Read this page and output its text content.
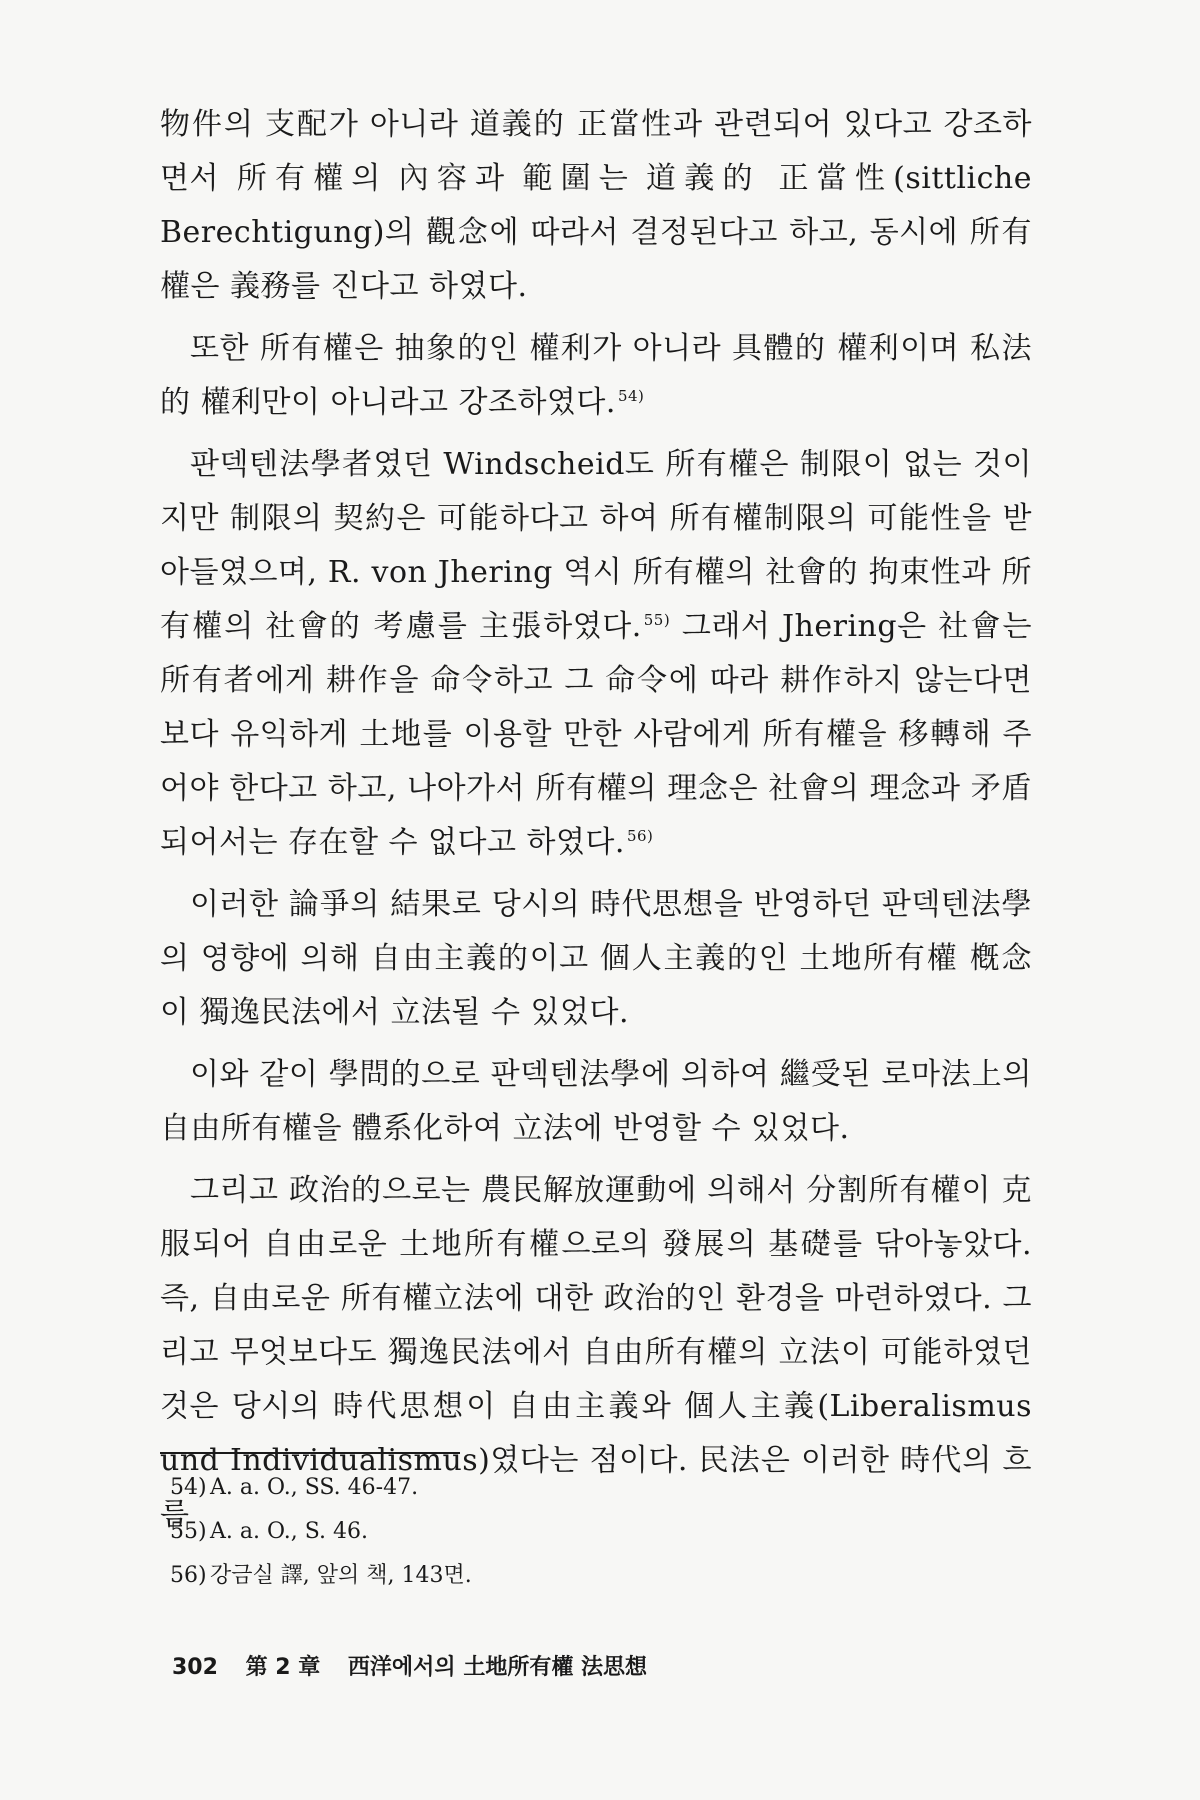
物件의 支配가 아니라 道義的 正當性과 관련되어 있다고 강조하면서 所有權의 內容과 範圍는 道義的 正當性(sittliche Berechtigung)의 觀念에 따라서 결정된다고 하고, 동시에 所有權은 義務를 진다고 하였다.

또한 所有權은 抽象的인 權利가 아니라 具體的 權利이며 私法的 權利만이 아니라고 강조하였다. $^{54)}$

판덱텐法學者였던 Windscheid도 所有權은 制限이 없는 것이지만 制限의 契約은 可能하다고 하여 所有權制限의 可能性을 받아들였으며, R. von Jhering 역시 所有權의 社會的 拘束性과 所有權의 社會的 考慮를 主張하였다. $^{55)}$ 그래서 Jhering은 社會는 所有者에게 耕作을 命令하고 그 命令에 따라 耕作하지 않는다면 보다 유익하게 土地를 이용할 만한 사람에게 所有權을 移轉해 주어야 한다고 하고, 나아가서 所有權의 理念은 社會의 理念과 矛盾되어서는 存在할 수 없다고 하였다. $^{56)}$

이러한 論爭의 結果로 당시의 時代思想을 반영하던 판덱텐法學의 영향에 의해 自由主義的이고 個人主義的인 土地所有權 槪念이 獨逸民法에서 立法될 수 있었다.

이와 같이 學問的으로 판덱텐法學에 의하여 繼受된 로마法上의 自由所有權을 體系化하여 立法에 반영할 수 있었다.

그리고 政治的으로는 農民解放運動에 의해서 分割所有權이 克服되어 自由로운 土地所有權으로의 發展의 基礎를 닦아놓았다. 즉, 自由로운 所有權立法에 대한 政治的인 환경을 마련하였다. 그리고 무엇보다도 獨逸民法에서 自由所有權의 立法이 可能하였던 것은 당시의 時代思想이 自由主義와 個人主義(Liberalismus und Individualismus)였다는 점이다. 民法은 이러한 時代의 흐름

54) A. a. O., SS. 46-47.
55) A. a. O., S. 46.
56) 강금실 譯, 앞의 책, 143면.
302 第 2 章 西洋에서의 土地所有權 法思想
